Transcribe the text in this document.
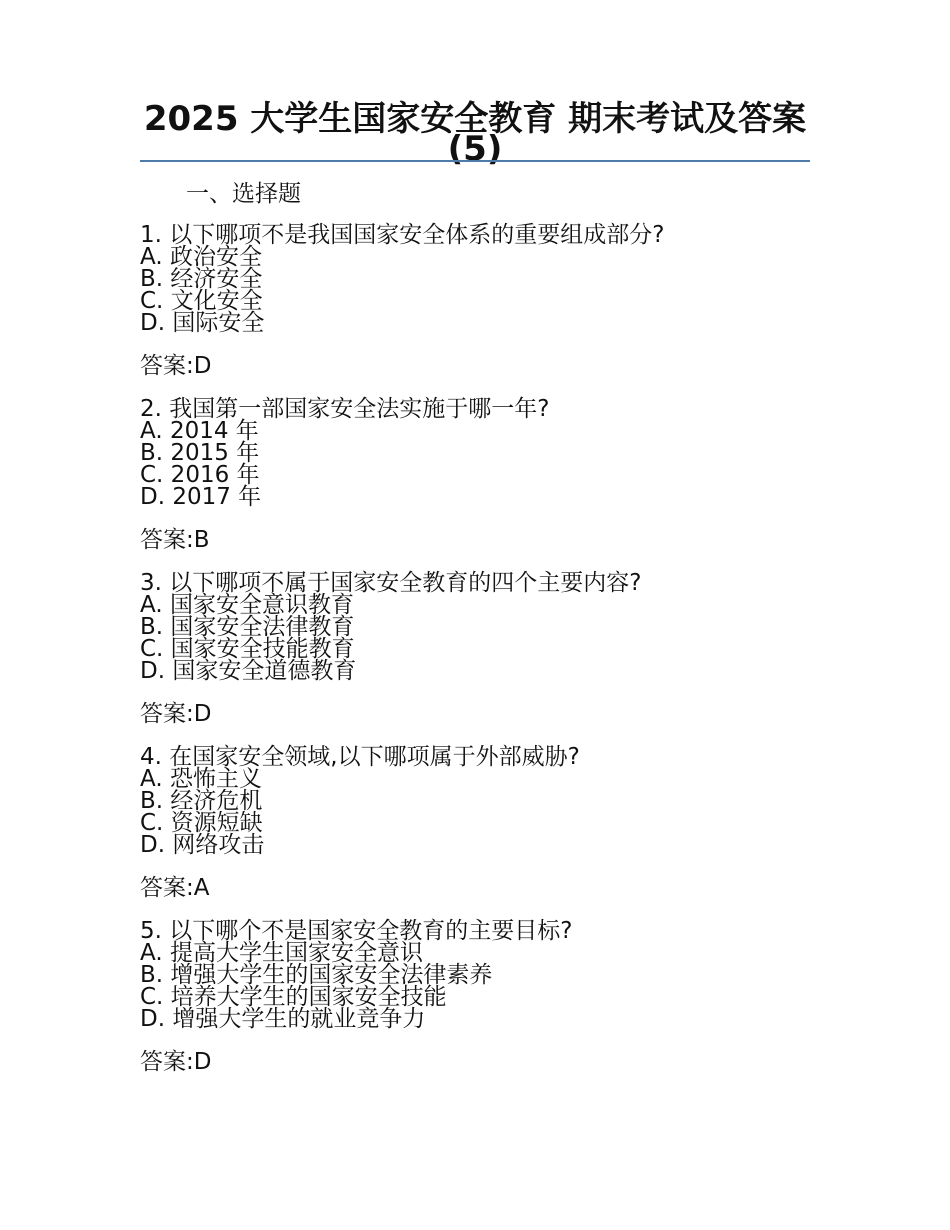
2025 大学生国家安全教育 期末考试及答案(5)
一、选择题
1. 以下哪项不是我国国家安全体系的重要组成部分?
A. 政治安全
B. 经济安全
C. 文化安全
D. 国际安全
答案:D
2. 我国第一部国家安全法实施于哪一年?
A. 2014 年
B. 2015 年
C. 2016 年
D. 2017 年
答案:B
3. 以下哪项不属于国家安全教育的四个主要内容?
A. 国家安全意识教育
B. 国家安全法律教育
C. 国家安全技能教育
D. 国家安全道德教育
答案:D
4. 在国家安全领域,以下哪项属于外部威胁?
A. 恐怖主义
B. 经济危机
C. 资源短缺
D. 网络攻击
答案:A
5. 以下哪个不是国家安全教育的主要目标?
A. 提高大学生国家安全意识
B. 增强大学生的国家安全法律素养
C. 培养大学生的国家安全技能
D. 增强大学生的就业竞争力
答案:D
